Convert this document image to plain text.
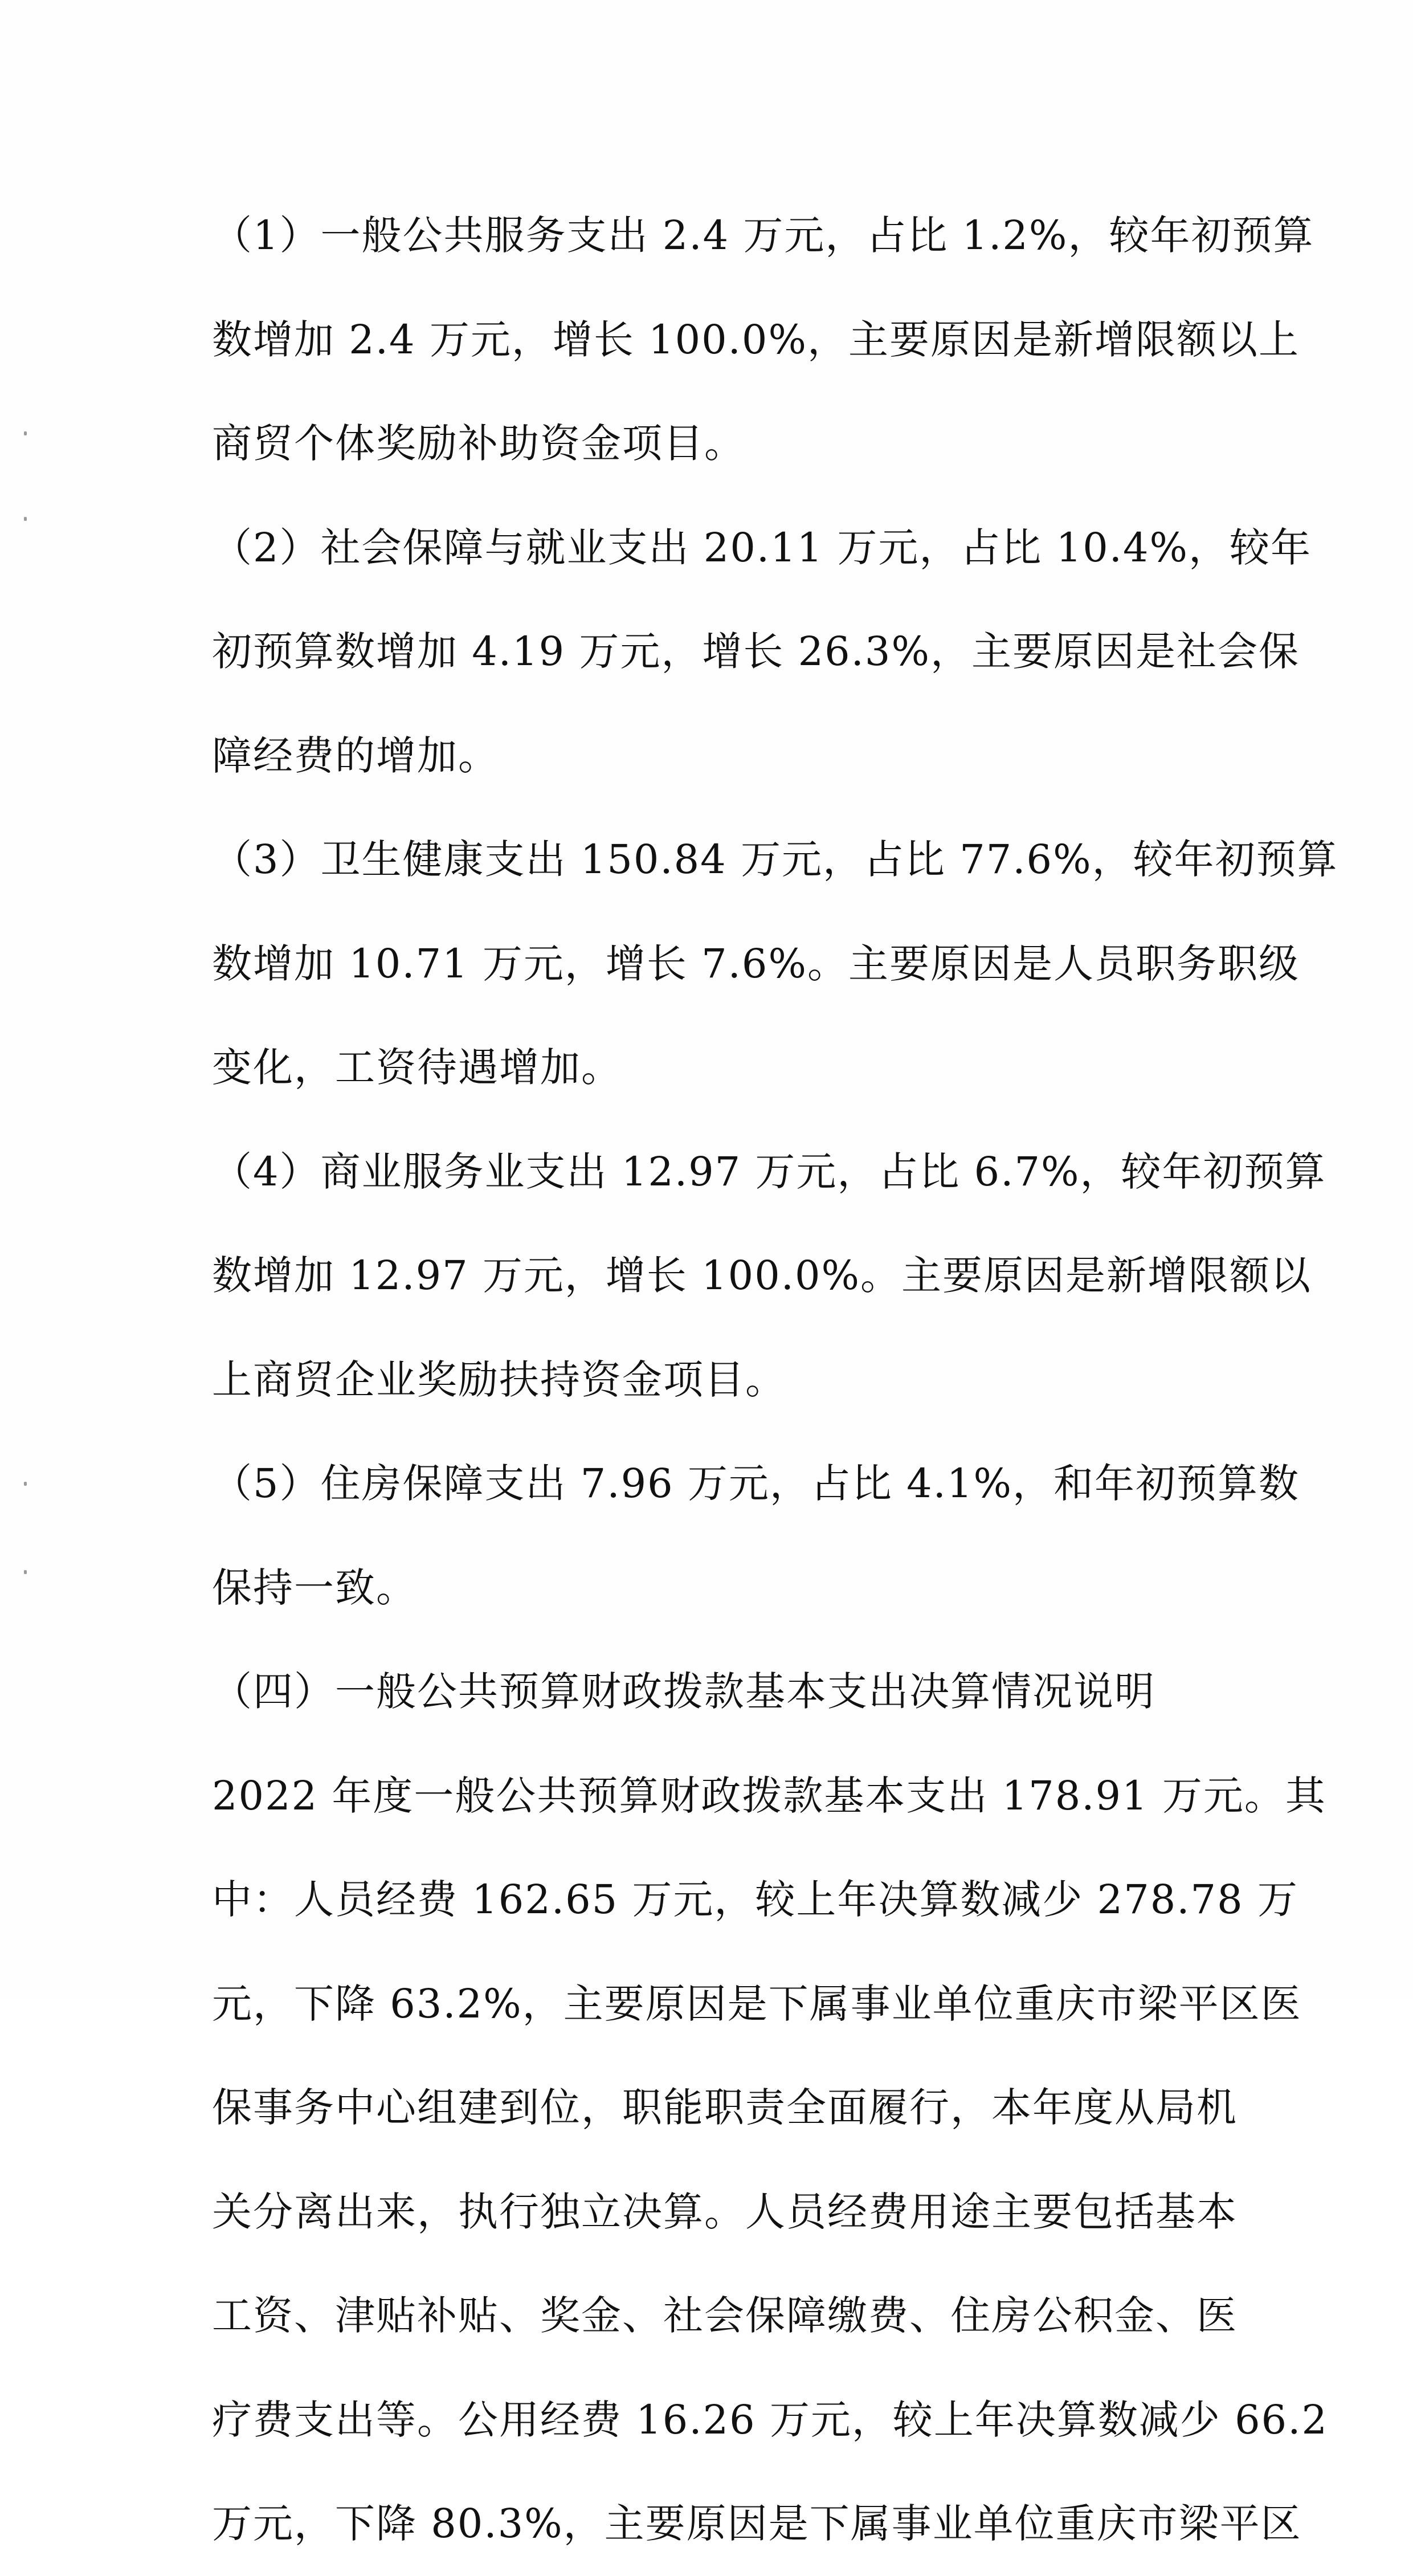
（1）一般公共服务支出 2.4 万元，占比 1.2%，较年初预算
数增加 2.4 万元，增长 100.0%，主要原因是新增限额以上
商贸个体奖励补助资金项目。
（2）社会保障与就业支出 20.11 万元，占比 10.4%，较年
初预算数增加 4.19 万元，增长 26.3%，主要原因是社会保
障经费的增加。
（3）卫生健康支出 150.84 万元，占比 77.6%，较年初预算
数增加 10.71 万元，增长 7.6%。主要原因是人员职务职级
变化，工资待遇增加。
（4）商业服务业支出 12.97 万元，占比 6.7%，较年初预算
数增加 12.97 万元，增长 100.0%。主要原因是新增限额以
上商贸企业奖励扶持资金项目。
（5）住房保障支出 7.96 万元，占比 4.1%，和年初预算数
保持一致。
（四）一般公共预算财政拨款基本支出决算情况说明
2022 年度一般公共预算财政拨款基本支出 178.91 万元。其
中：人员经费 162.65 万元，较上年决算数减少 278.78 万
元，下降 63.2%，主要原因是下属事业单位重庆市梁平区医
保事务中心组建到位，职能职责全面履行，本年度从局机
关分离出来，执行独立决算。人员经费用途主要包括基本
工资、津贴补贴、奖金、社会保障缴费、住房公积金、医
疗费支出等。公用经费 16.26 万元，较上年决算数减少 66.2
万元，下降 80.3%，主要原因是下属事业单位重庆市梁平区
